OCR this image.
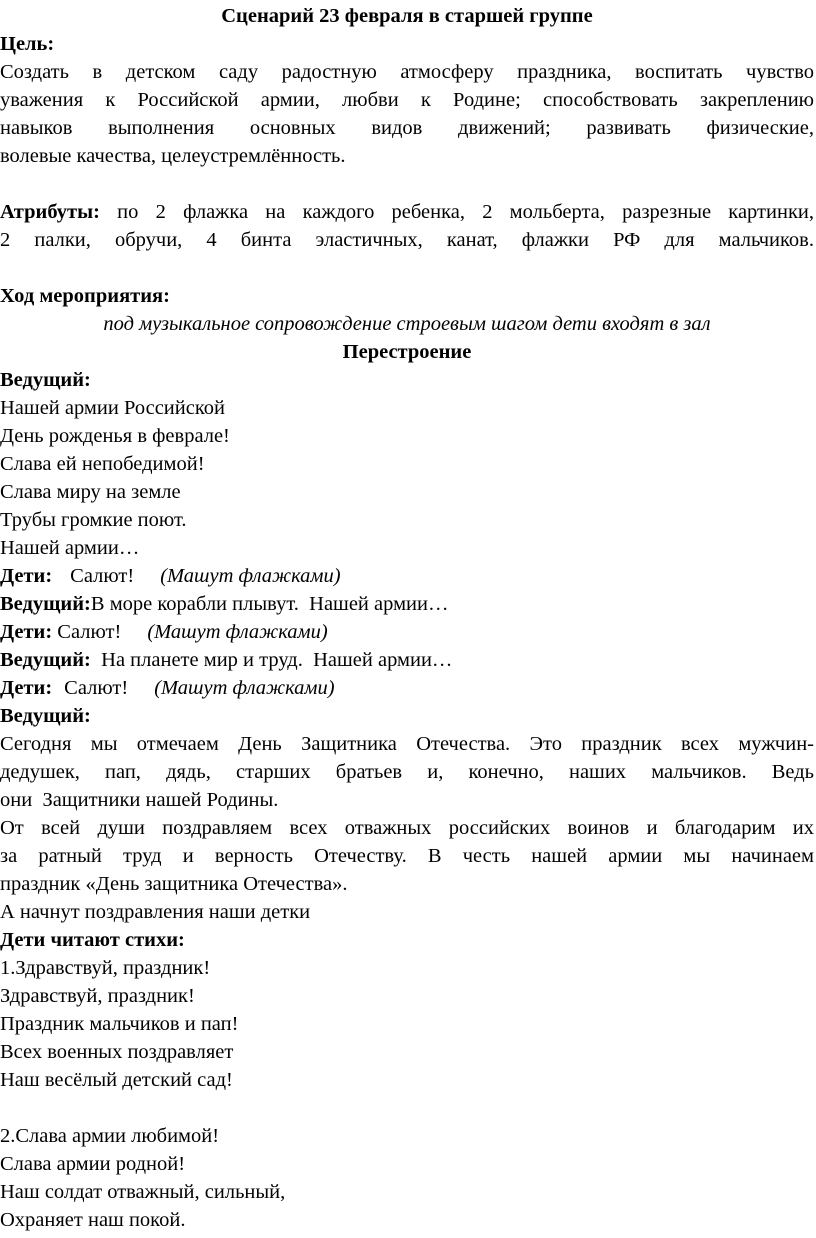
Сценарий 23 февраля в старшей группе
Цель:
Создать в детском саду радостную атмосферу праздника, воспитать чувство
уважения к Российской армии, любви к Родине; способствовать закреплению
навыков выполнения основных видов движений; развивать физические,
волевые качества, целеустремлённость.
Атрибуты: по 2 флажка на каждого ребенка, 2 мольберта, разрезные картинки,
2 палки, обручи, 4 бинта эластичных, канат, флажки РФ для мальчиков.
Ход мероприятия:
под музыкальное сопровождение строевым шагом дети входят в зал
Перестроение
Ведущий:
Нашей армии Российской
День рожденья в феврале!
Слава ей непобедимой!
Слава миру на земле
Трубы громкие поют.
Нашей армии…
Дети: Салют! (Машут флажками)
Ведущий:В море корабли плывут.  Нашей армии…
Дети: Салют! (Машут флажками)
Ведущий:  На планете мир и труд.  Нашей армии…
Дети: Салют! (Машут флажками)
Ведущий:
Сегодня мы отмечаем День Защитника Отечества. Это праздник всех мужчин-
дедушек, пап, дядь, старших братьев и, конечно, наших мальчиков. Ведь
они  Защитники нашей Родины.
От всей души поздравляем всех отважных российских воинов и благодарим их
за ратный труд и верность Отечеству. В честь нашей армии мы начинаем
праздник «День защитника Отечества».
А начнут поздравления наши детки
Дети читают стихи:
1.Здравствуй, праздник!
Здравствуй, праздник!
Праздник мальчиков и пап!
Всех военных поздравляет
Наш весёлый детский сад!
2.Слава армии любимой!
Слава армии родной!
Наш солдат отважный, сильный,
Охраняет наш покой.
